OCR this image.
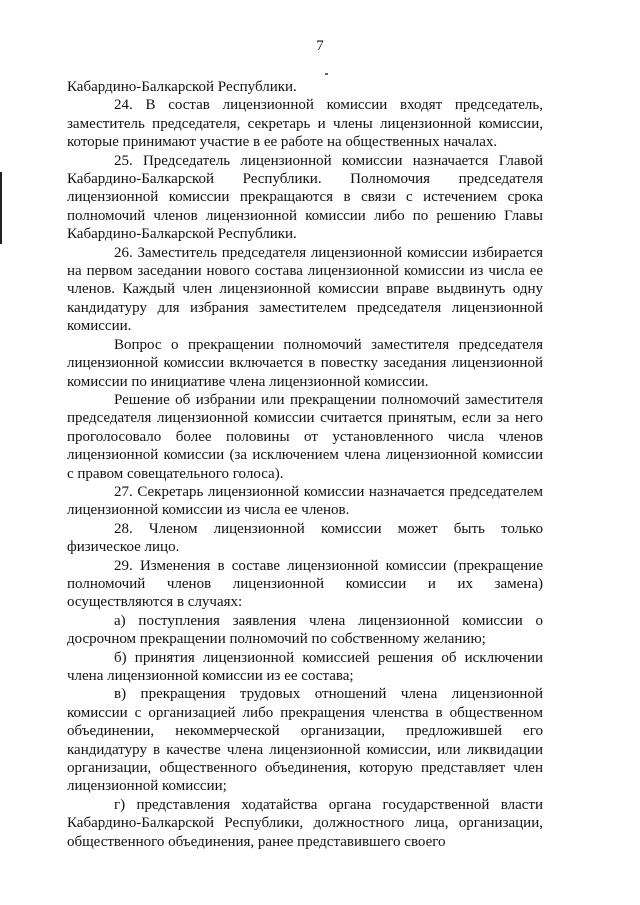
7

Кабардино-Балкарской Республики.

24. В состав лицензионной комиссии входят председатель, заместитель председателя, секретарь и члены лицензионной комиссии, которые принимают участие в ее работе на общественных началах.

25. Председатель лицензионной комиссии назначается Главой Кабардино-Балкарской Республики. Полномочия председателя лицензионной комиссии прекращаются в связи с истечением срока полномочий членов лицензионной комиссии либо по решению Главы Кабардино-Балкарской Республики.

26. Заместитель председателя лицензионной комиссии избирается на первом заседании нового состава лицензионной комиссии из числа ее членов. Каждый член лицензионной комиссии вправе выдвинуть одну кандидатуру для избрания заместителем председателя лицензионной комиссии.

Вопрос о прекращении полномочий заместителя председателя лицензионной комиссии включается в повестку заседания лицензионной комиссии по инициативе члена лицензионной комиссии.

Решение об избрании или прекращении полномочий заместителя председателя лицензионной комиссии считается принятым, если за него проголосовало более половины от установленного числа членов лицензионной комиссии (за исключением члена лицензионной комиссии с правом совещательного голоса).

27. Секретарь лицензионной комиссии назначается председателем лицензионной комиссии из числа ее членов.

28. Членом лицензионной комиссии может быть только физическое лицо.

29. Изменения в составе лицензионной комиссии (прекращение полномочий членов лицензионной комиссии и их замена) осуществляются в случаях:

а) поступления заявления члена лицензионной комиссии о досрочном прекращении полномочий по собственному желанию;

б) принятия лицензионной комиссией решения об исключении члена лицензионной комиссии из ее состава;

в) прекращения трудовых отношений члена лицензионной комиссии с организацией либо прекращения членства в общественном объединении, некоммерческой организации, предложившей его кандидатуру в качестве члена лицензионной комиссии, или ликвидации организации, общественного объединения, которую представляет член лицензионной комиссии;

г) представления ходатайства органа государственной власти Кабардино-Балкарской Республики, должностного лица, организации, общественного объединения, ранее представившего своего
